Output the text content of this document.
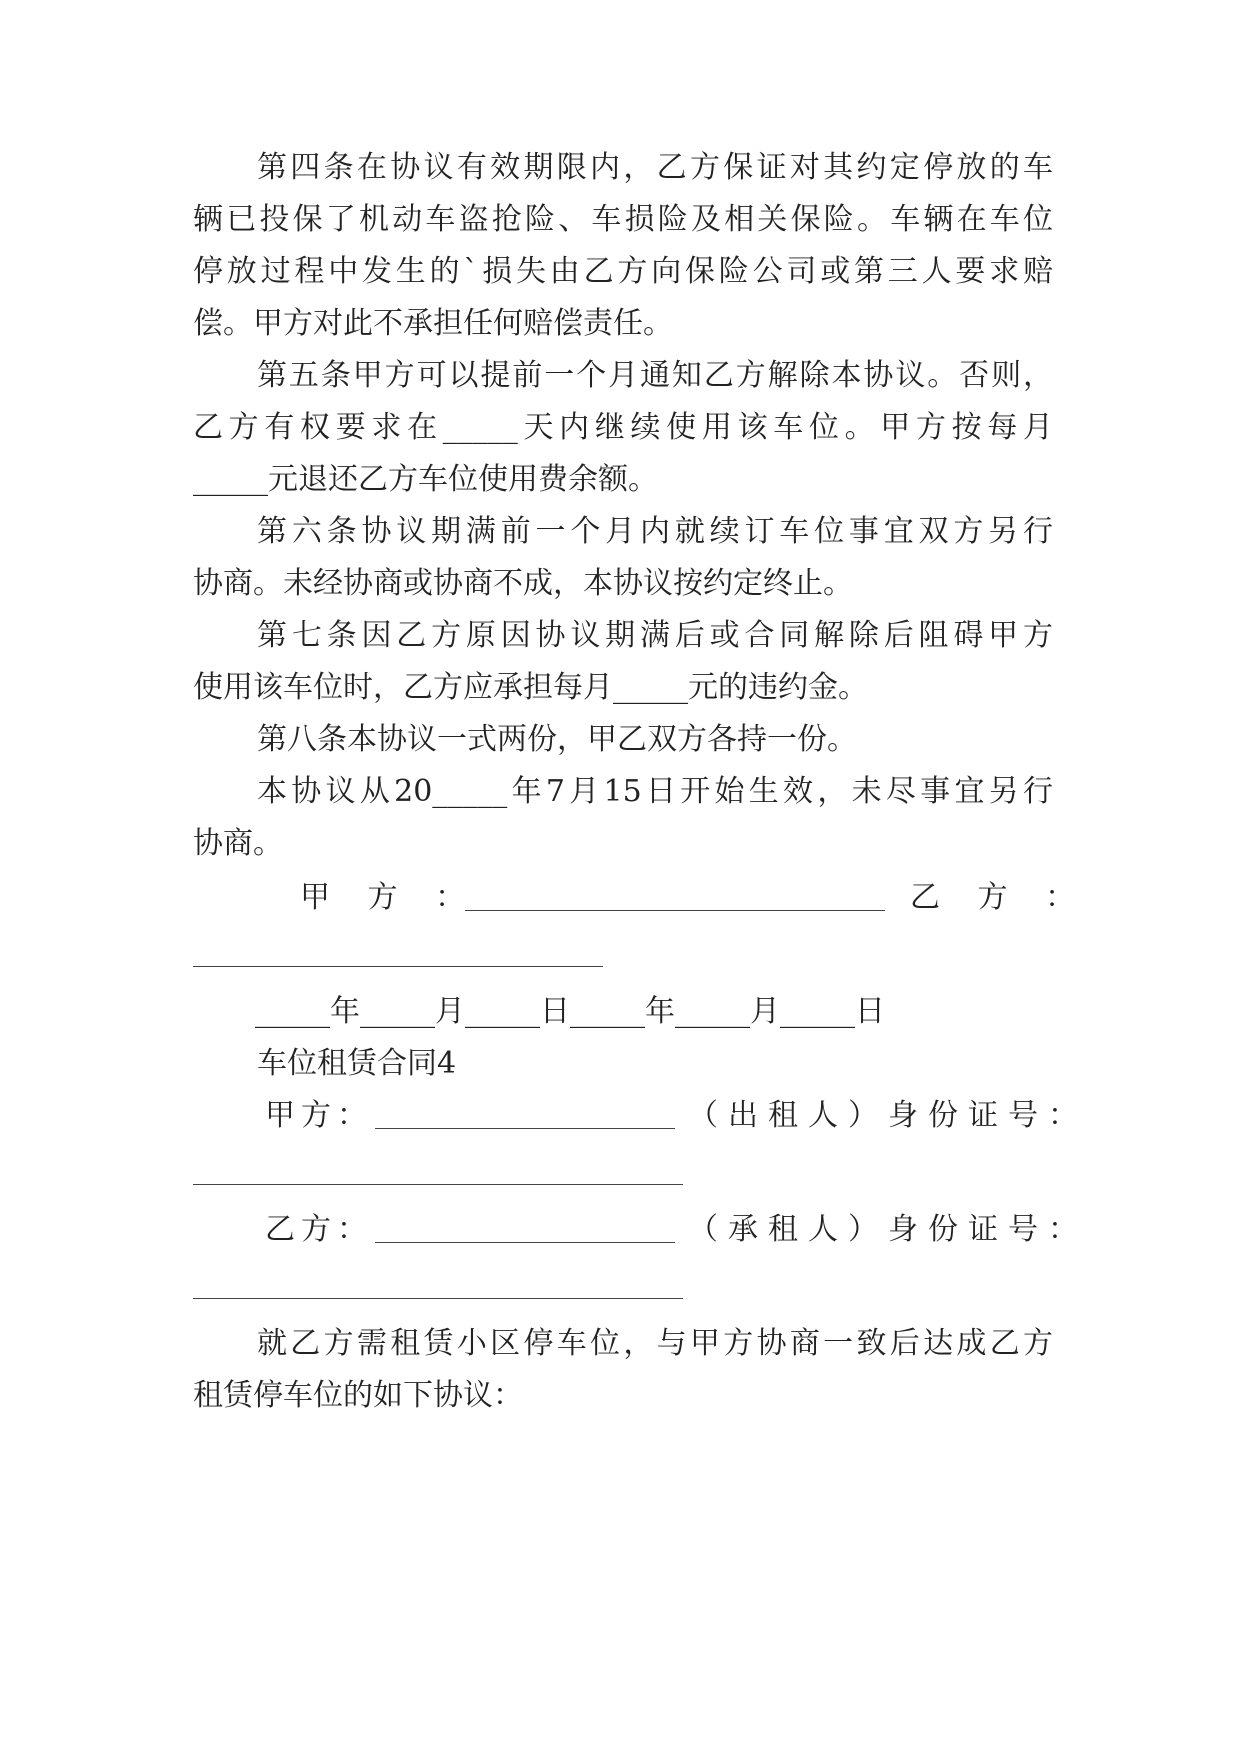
第四条在协议有效期限内，乙方保证对其约定停放的车
辆已投保了机动车盗抢险、车损险及相关保险。车辆在车位
停放过程中发生的`损失由乙方向保险公司或第三人要求赔
偿。甲方对此不承担任何赔偿责任。
第五条甲方可以提前一个月通知乙方解除本协议。否则，
乙方有权要求在_____天内继续使用该车位。甲方按每月
_____元退还乙方车位使用费余额。
第六条协议期满前一个月内就续订车位事宜双方另行
协商。未经协商或协商不成，本协议按约定终止。
第七条因乙方原因协议期满后或合同解除后阻碍甲方
使用该车位时，乙方应承担每月_____元的违约金。
第八条本协议一式两份，甲乙双方各持一份。
本协议从20_____年7月15日开始生效，未尽事宜另行
协商。
甲 方 ：	乙 方 ：
_____年_____月_____日_____年_____月_____日
车位租赁合同4
甲方：	（出租人）身份证号：
乙方：	（承租人）身份证号：
就乙方需租赁小区停车位，与甲方协商一致后达成乙方
租赁停车位的如下协议：
